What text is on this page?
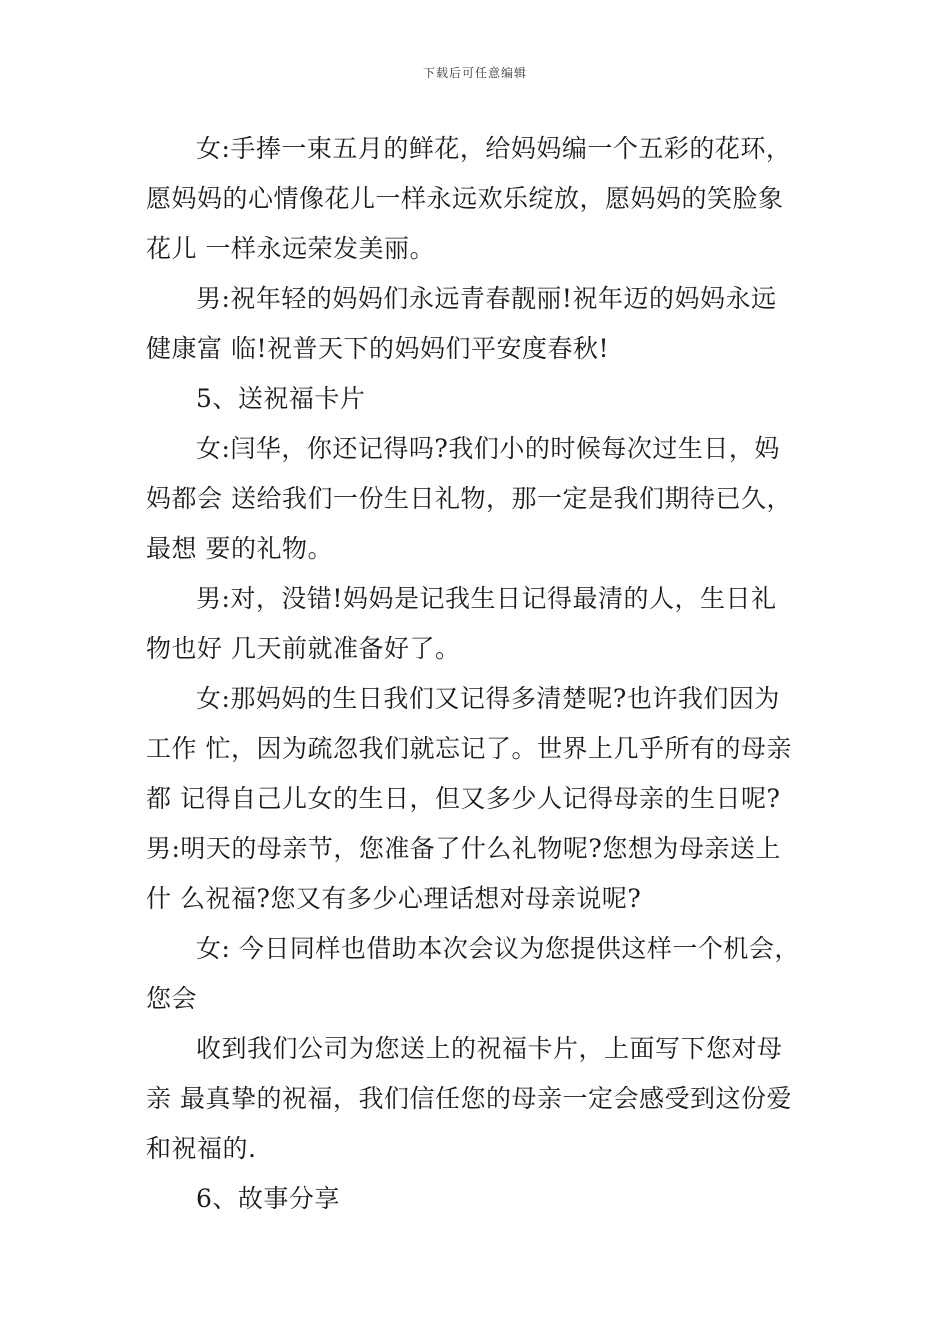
下载后可任意编辑
女:手捧一束五月的鲜花，给妈妈编一个五彩的花环，
愿妈妈的心情像花儿一样永远欢乐绽放，愿妈妈的笑脸象
花儿 一样永远荣发美丽。
男:祝年轻的妈妈们永远青春靓丽!祝年迈的妈妈永远
健康富 临!祝普天下的妈妈们平安度春秋!
5、送祝福卡片
女:闫华，你还记得吗?我们小的时候每次过生日，妈
妈都会 送给我们一份生日礼物，那一定是我们期待已久，
最想 要的礼物。
男:对，没错!妈妈是记我生日记得最清的人，生日礼
物也好 几天前就准备好了。
女:那妈妈的生日我们又记得多清楚呢?也许我们因为
工作 忙，因为疏忽我们就忘记了。世界上几乎所有的母亲
都 记得自己儿女的生日，但又多少人记得母亲的生日呢?
男:明天的母亲节，您准备了什么礼物呢?您想为母亲送上
什 么祝福?您又有多少心理话想对母亲说呢?
女: 今日同样也借助本次会议为您提供这样一个机会，
您会
收到我们公司为您送上的祝福卡片，上面写下您对母
亲 最真挚的祝福，我们信任您的母亲一定会感受到这份爱
和祝福的.
6、故事分享
